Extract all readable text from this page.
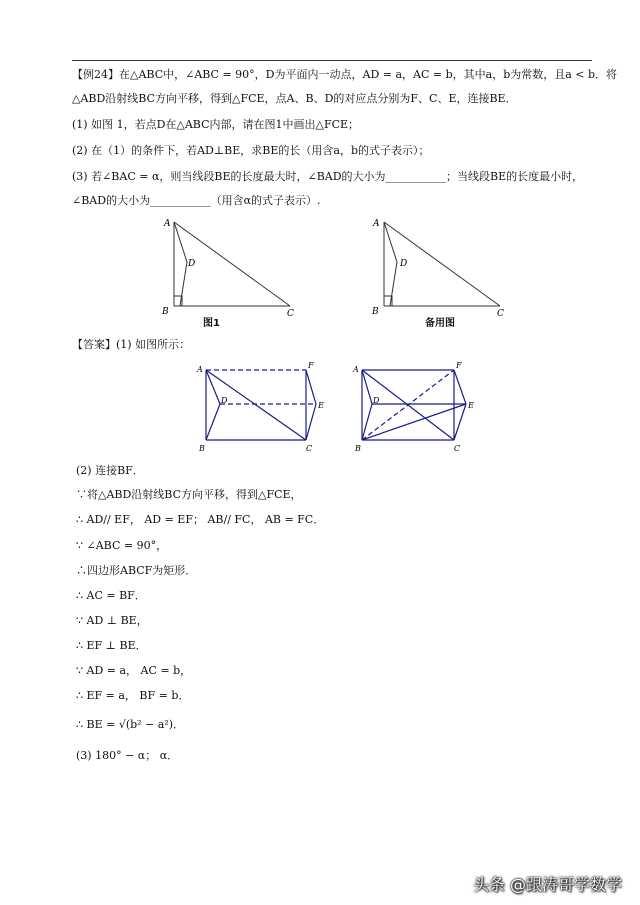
【例24】在△ABC中，∠ABC = 90°，D为平面内一动点，AD = a，AC = b，其中a，b为常数，且a < b．将
△ABD沿射线BC方向平移，得到△FCE，点A、B、D的对应点分别为F、C、E，连接BE．
(1) 如图 1，若点D在△ABC内部，请在图1中画出△FCE；
(2) 在（1）的条件下，若AD⊥BE，求BE的长（用含a，b的式子表示）；
(3) 若∠BAC = α，则当线段BE的长度最大时，∠BAD的大小为___________；当线段BE的长度最小时，
∠BAD的大小为___________（用含α的式子表示）.
A
D
B	C
图1
A
D
B	C
备用图
【答案】(1) 如图所示：
A	F
D
E
B	C
A	F
D
E
B	C
(2) 连接BF．
∵将△ABD沿射线BC方向平移，得到△FCE，
∴ AD// EF， AD = EF； AB// FC， AB = FC．
∵ ∠ABC = 90°，
∴四边形ABCF为矩形．
∴ AC = BF．
∵ AD ⊥ BE，
∴ EF ⊥ BE．
∵ AD = a， AC = b，
∴ EF = a， BF = b．
∴ BE = √(b² − a²)．
(3) 180° − α； α．
头条 @跟涛哥学数学
